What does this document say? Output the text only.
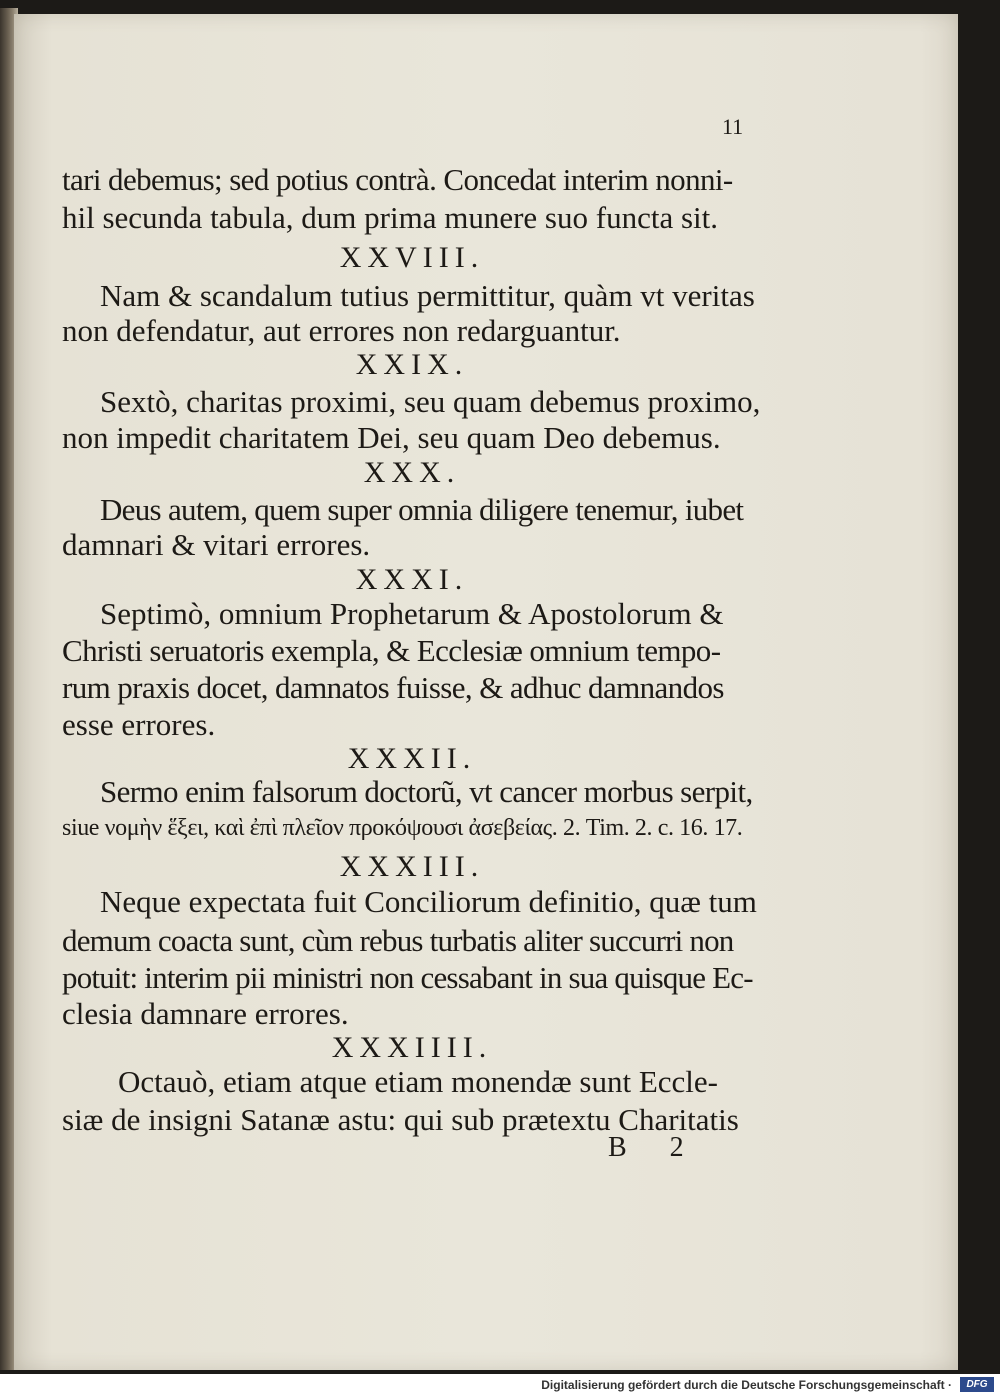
11

tari debemus; sed potius contrà. Concedat interim nonni-

hil secunda tabula, dum prima munere suo functa sit.

XXVIII.

Nam & scandalum tutius permittitur, quàm vt veritas

non defendatur, aut errores non redarguantur.

XXIX.

Sextò, charitas proximi, seu quam debemus proximo,

non impedit charitatem Dei, seu quam Deo debemus.

XXX.

Deus autem, quem super omnia diligere tenemur, iubet

damnari & vitari errores.

XXXI.

Septimò, omnium Prophetarum & Apostolorum &

Christi seruatoris exempla, & Ecclesiæ omnium tempo-

rum praxis docet, damnatos fuisse, & adhuc damnandos

esse errores.

XXXII.

Sermo enim falsorum doctorũ, vt cancer morbus serpit,

siue νομὴν ἕξει, καὶ ἐπὶ πλεῖον προκόψουσι ἀσεβείας. 2. Tim. 2. c. 16. 17.

XXXIII.

Neque expectata fuit Conciliorum definitio, quæ tum

demum coacta sunt, cùm rebus turbatis aliter succurri non

potuit: interim pii ministri non cessabant in sua quisque Ec-

clesia damnare errores.

XXXIIII.

Octauò, etiam atque etiam monendæ sunt Eccle-

siæ de insigni Satanæ astu: qui sub prætextu Charitatis

B 2

Digitalisierung gefördert durch die Deutsche Forschungsgemeinschaft ·	DFG
